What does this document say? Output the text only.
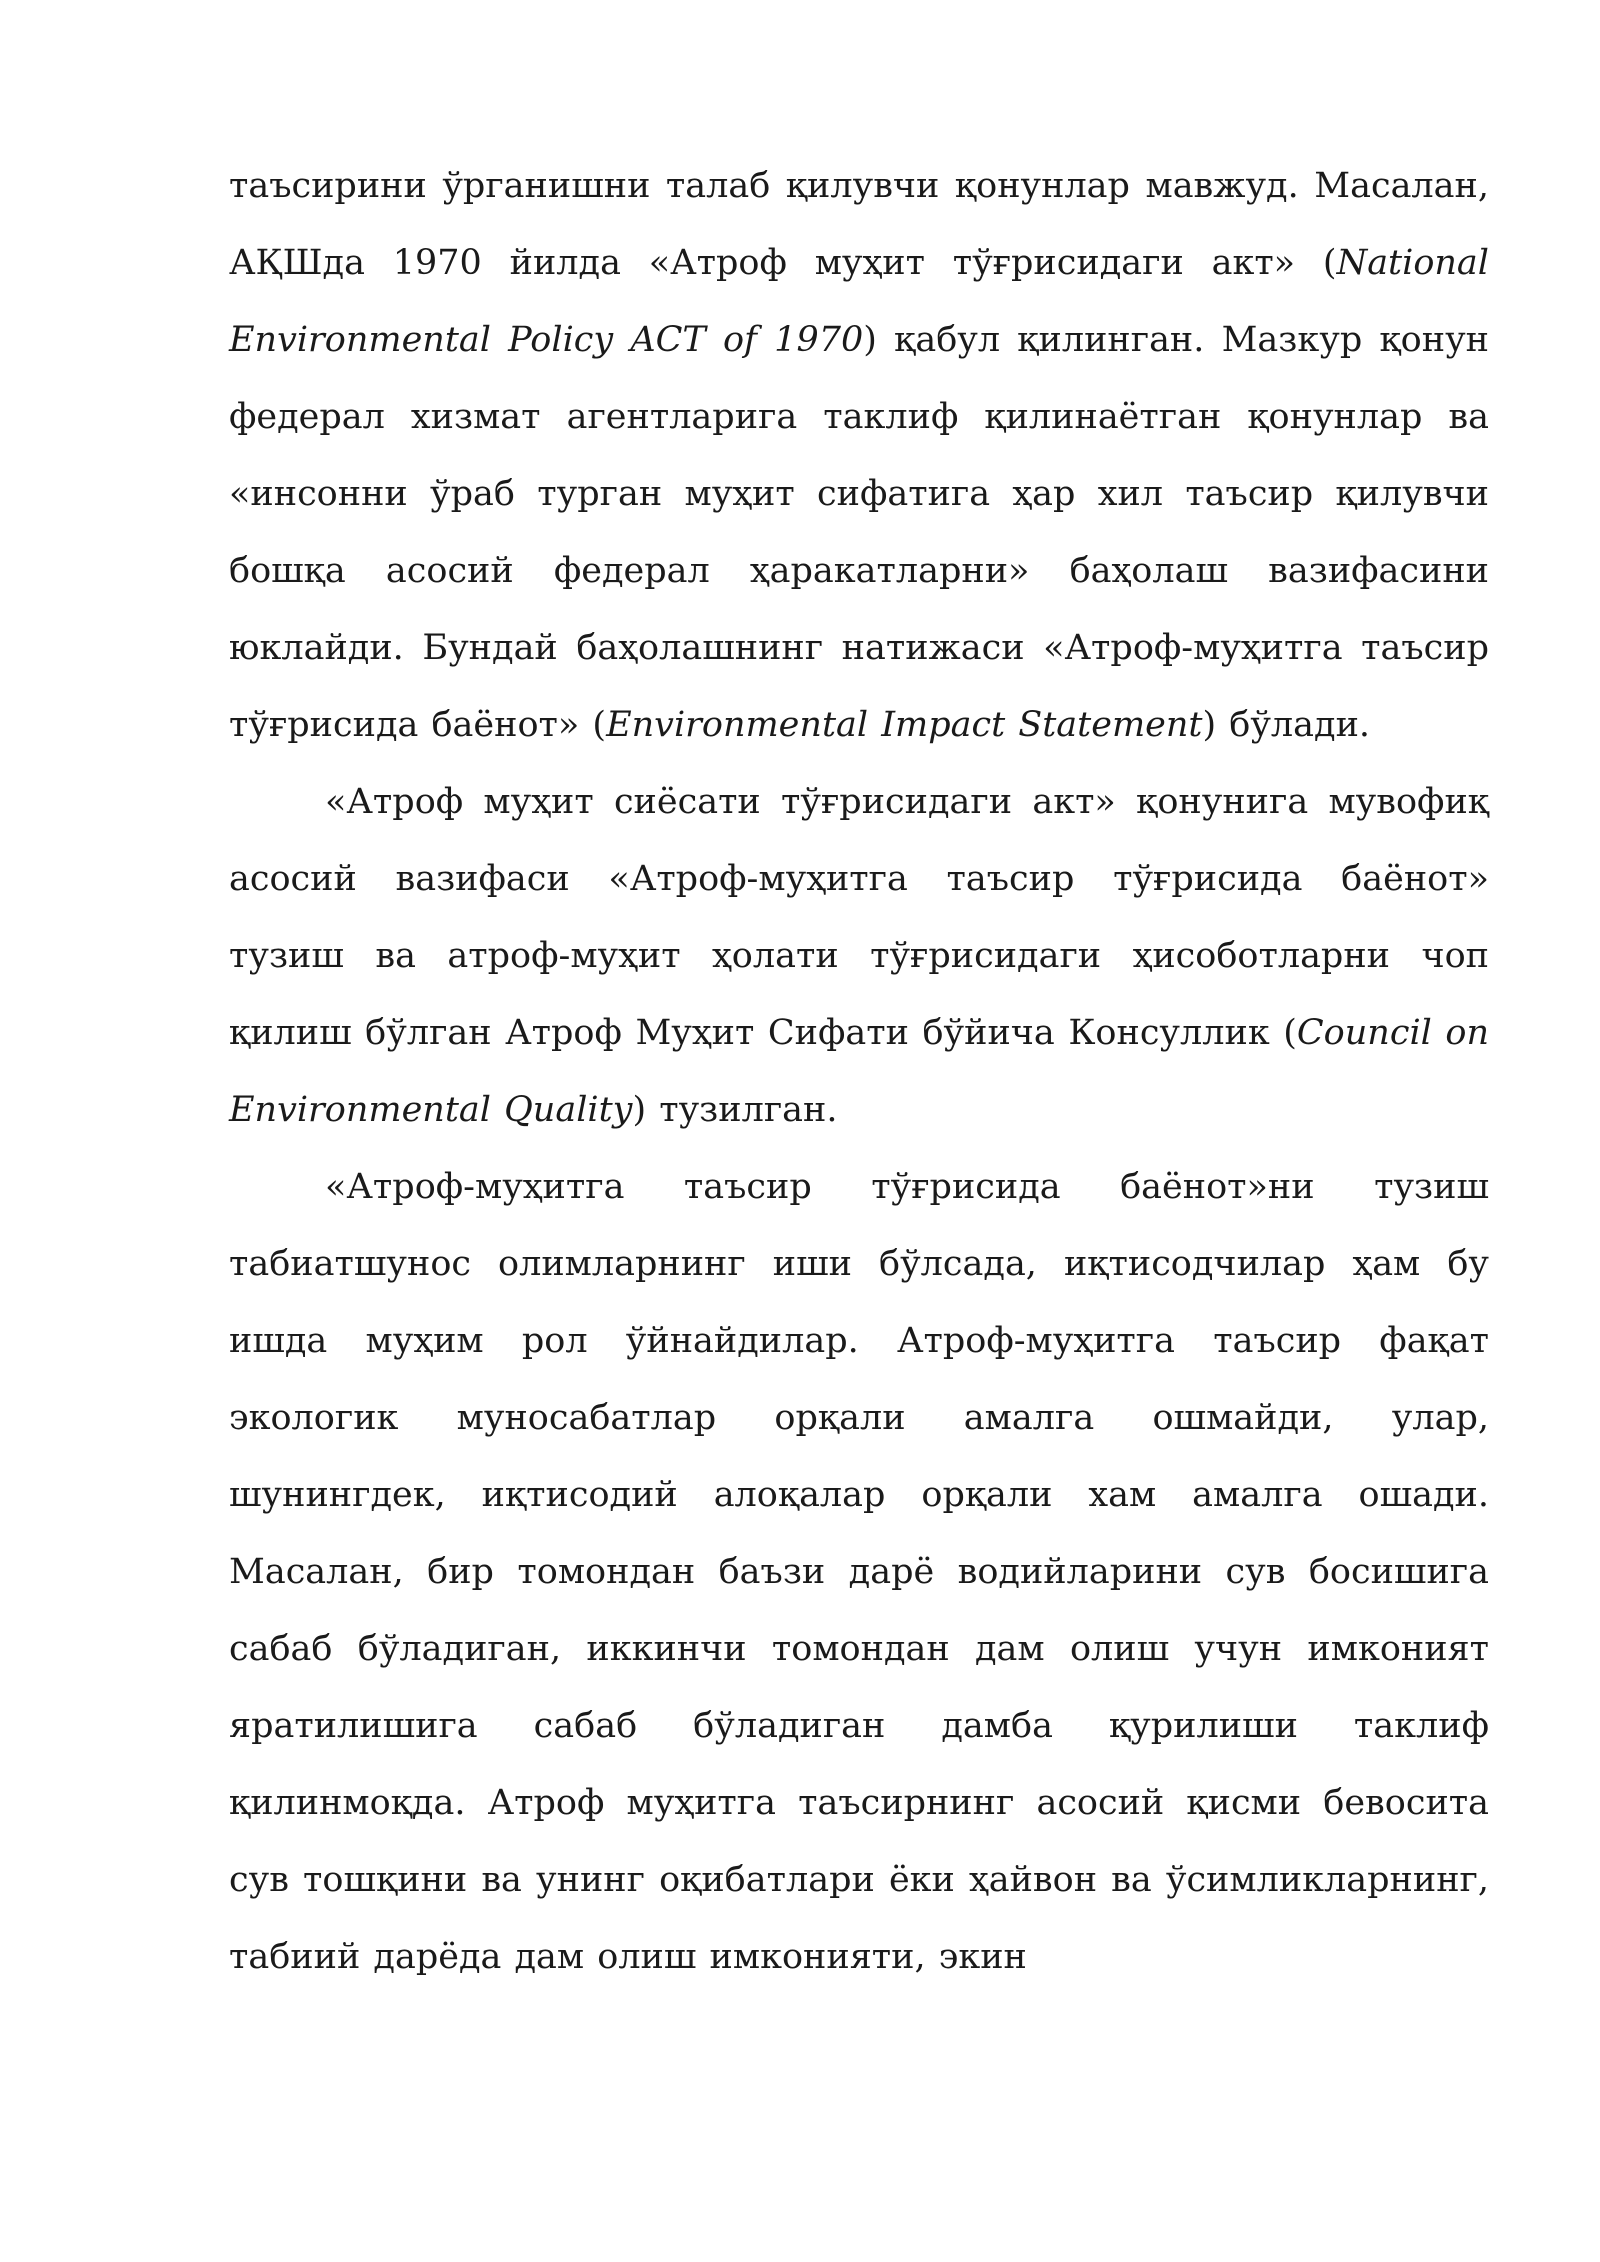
таъсирини ўрганишни талаб қилувчи қонунлар мавжуд. Масалан, АҚШда 1970 йилда «Атроф муҳит тўғрисидаги акт» (National Environmental Policy ACT of 1970) қабул қилинган. Мазкур қонун федерал хизмат агентларига таклиф қилинаётган қонунлар ва «инсонни ўраб турган муҳит сифатига ҳар хил таъсир қилувчи бошқа асосий федерал ҳаракатларни» баҳолаш вазифасини юклайди. Бундай баҳолашнинг натижаси «Атроф-муҳитга таъсир тўғрисида баёнот» (Environmental Impact Statement) бўлади.

«Атроф муҳит сиёсати тўғрисидаги акт» қонунига мувофиқ асосий вазифаси «Атроф-муҳитга таъсир тўғрисида баёнот» тузиш ва атроф-муҳит ҳолати тўғрисидаги ҳисоботларни чоп қилиш бўлган Атроф Муҳит Сифати бўйича Консуллик (Council on Environmental Quality) тузилган.

«Атроф-муҳитга таъсир тўғрисида баёнот»ни тузиш табиатшунос олимларнинг иши бўлсада, иқтисодчилар ҳам бу ишда муҳим рол ўйнайдилар. Атроф-муҳитга таъсир фақат экологик муносабатлар орқали амалга ошмайди, улар, шунингдек, иқтисодий алоқалар орқали хам амалга ошади. Масалан, бир томондан баъзи дарё водийларини сув босишига сабаб бўладиган, иккинчи томондан дам олиш учун имконият яратилишига сабаб бўладиган дамба қурилиши таклиф қилинмоқда. Атроф муҳитга таъсирнинг асосий қисми бевосита сув тошқини ва унинг оқибатлари ёки ҳайвон ва ўсимликларнинг, табиий дарёда дам олиш имконияти, экин
